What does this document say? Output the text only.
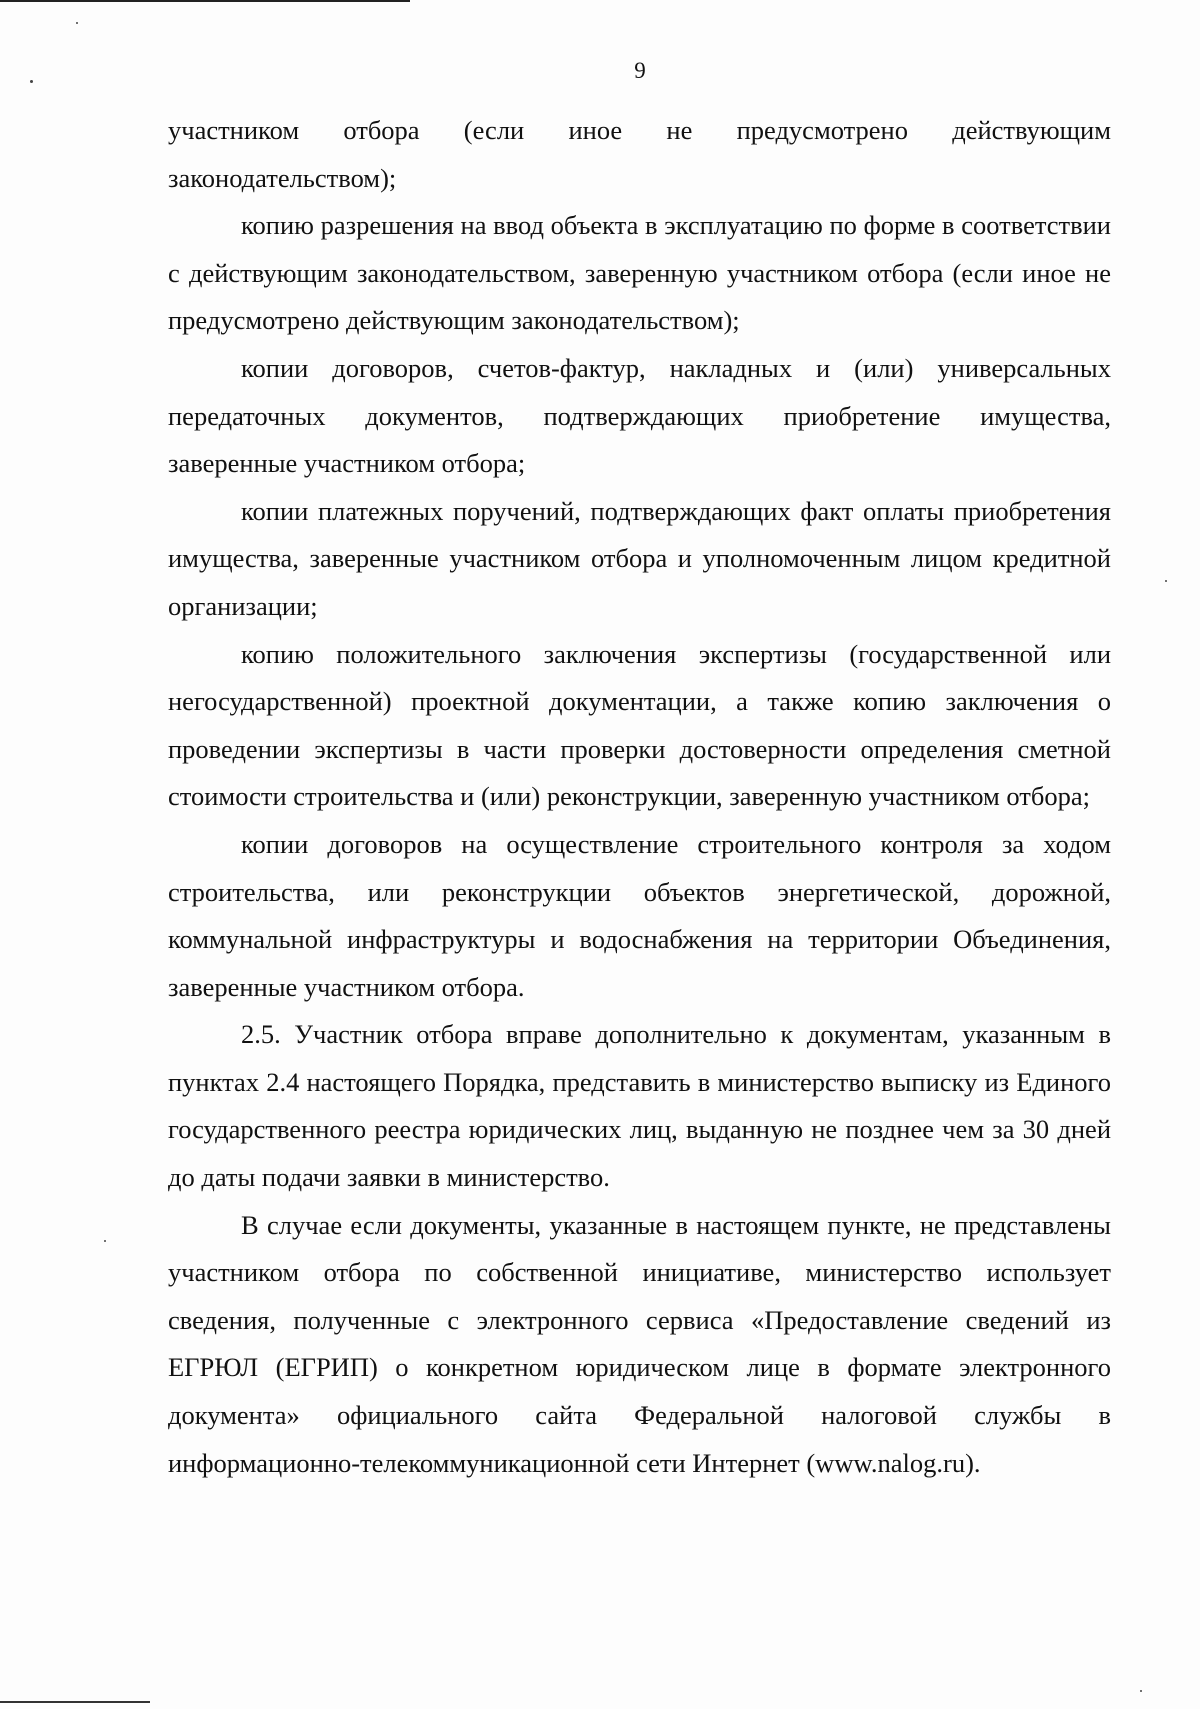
9

участником отбора (если иное не предусмотрено действующим законодательством);

копию разрешения на ввод объекта в эксплуатацию по форме в соответствии с действующим законодательством, заверенную участником отбора (если иное не предусмотрено действующим законодательством);

копии договоров, счетов-фактур, накладных и (или) универсальных передаточных документов, подтверждающих приобретение имущества, заверенные участником отбора;

копии платежных поручений, подтверждающих факт оплаты приобретения имущества, заверенные участником отбора и уполномоченным лицом кредитной организации;

копию положительного заключения экспертизы (государственной или негосударственной) проектной документации, а также копию заключения о проведении экспертизы в части проверки достоверности определения сметной стоимости строительства и (или) реконструкции, заверенную участником отбора;

копии договоров на осуществление строительного контроля за ходом строительства, или реконструкции объектов энергетической, дорожной, коммунальной инфраструктуры и водоснабжения на территории Объединения, заверенные участником отбора.

2.5. Участник отбора вправе дополнительно к документам, указанным в пунктах 2.4 настоящего Порядка, представить в министерство выписку из Единого государственного реестра юридических лиц, выданную не позднее чем за 30 дней до даты подачи заявки в министерство.

В случае если документы, указанные в настоящем пункте, не представлены участником отбора по собственной инициативе, министерство использует сведения, полученные с электронного сервиса «Предоставление сведений из ЕГРЮЛ (ЕГРИП) о конкретном юридическом лице в формате электронного документа» официального сайта Федеральной налоговой службы в информационно-телекоммуникационной сети Интернет (www.nalog.ru).
